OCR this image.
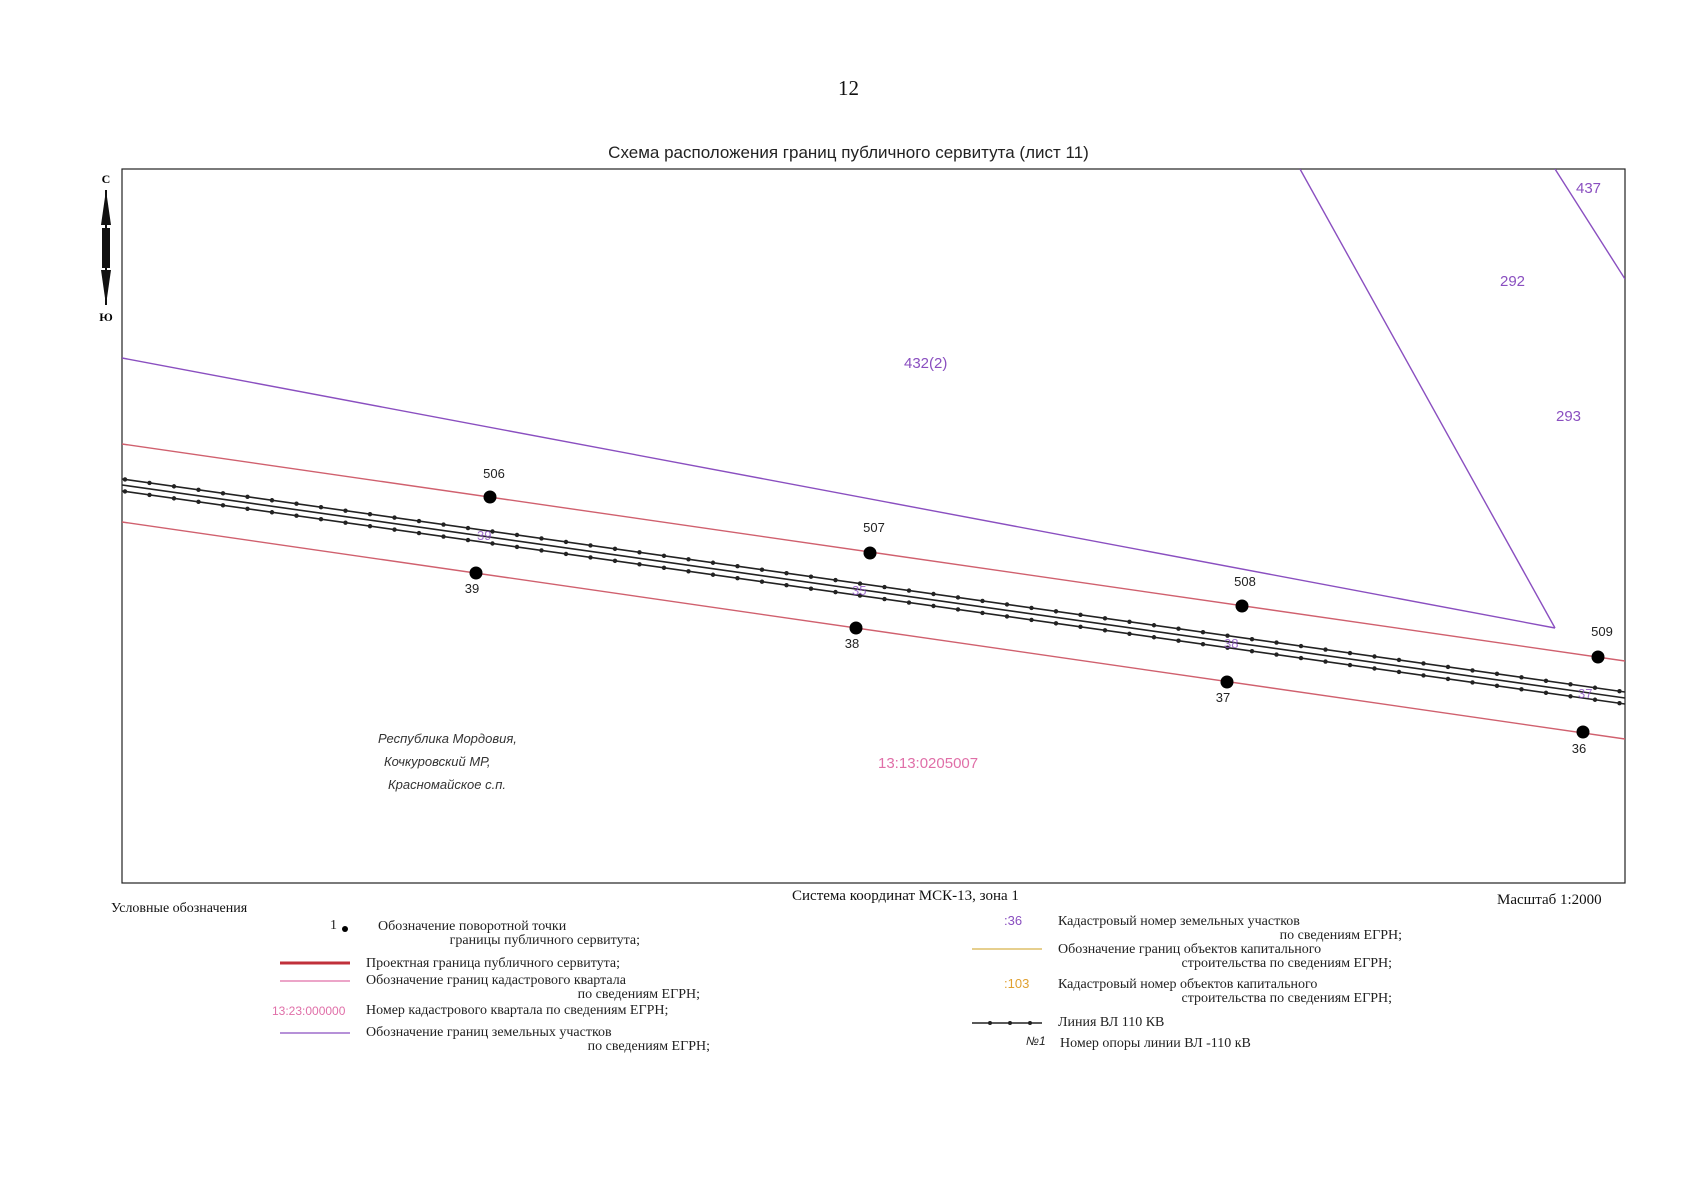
12
Схема расположения границ публичного сервитута (лист 11)
С
Ю
506
507
508
509
39
38
37
36
437
292
293
432(2)
39
35
38
37
13:13:0205007
1
13:23:000000
:36
:103
№1
Республика Мордовия,
Кочкуровский МР,
Красномайское с.п.
Система координат МСК-13, зона 1	Масштаб 1:2000
Условные обозначения
Обозначение поворотной точки
границы публичного сервитута;
Проектная граница публичного сервитута;
Обозначение границ кадастрового квартала
по сведениям ЕГРН;
Номер кадастрового квартала по сведениям ЕГРН;
Обозначение границ земельных участков
по сведениям ЕГРН;
Кадастровый номер земельных участков
по сведениям ЕГРН;
Обозначение границ объектов капитального
строительства по сведениям ЕГРН;
Кадастровый номер объектов капитального
строительства по сведениям ЕГРН;
Линия ВЛ 110 КВ
Номер опоры линии ВЛ -110 кВ
